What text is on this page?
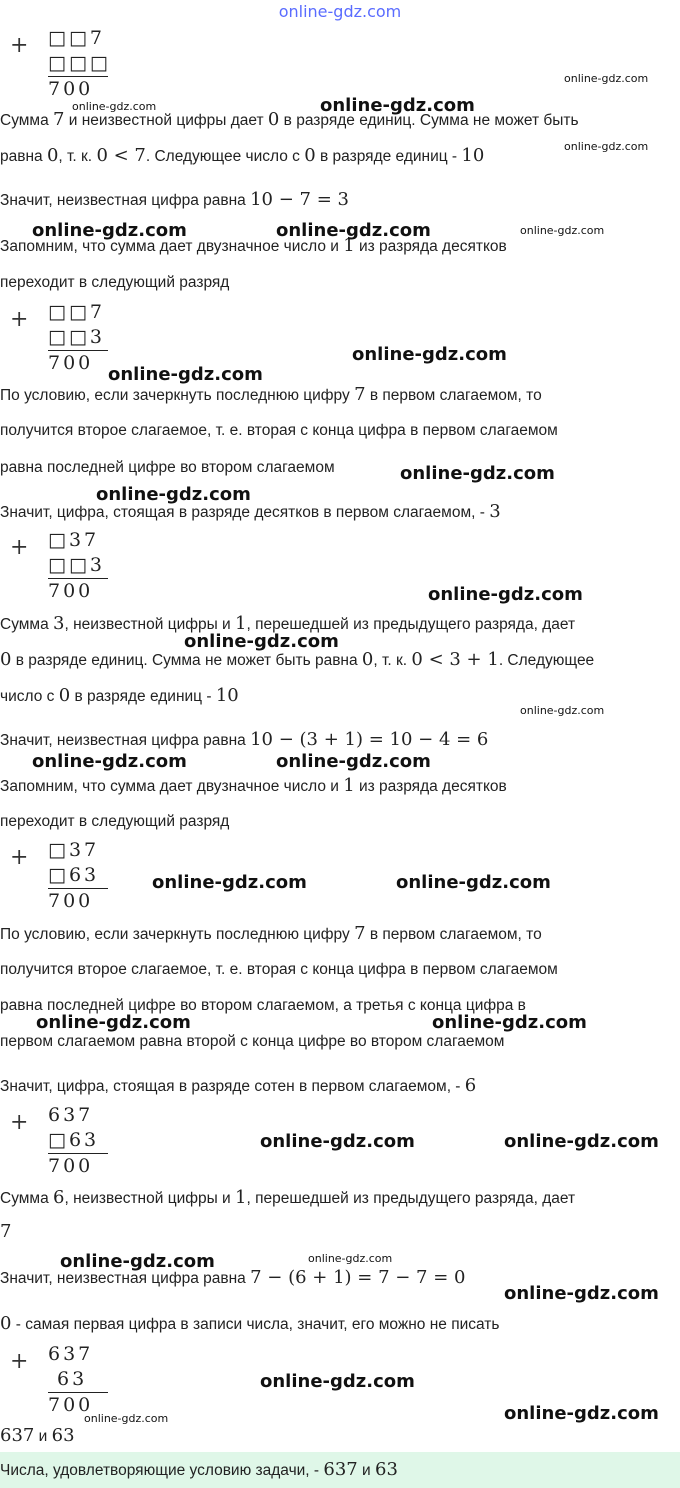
online-gdz.com
+ □□7
□□□
700
Сумма 7 и неизвестной цифры дает 0 в разряде единиц. Сумма не может быть
равна 0, т. к. 0 < 7. Следующее число с 0 в разряде единиц - 10
Значит, неизвестная цифра равна 10 − 7 = 3
Запомним, что сумма дает двузначное число и 1 из разряда десятков
переходит в следующий разряд
+ □□7
□□3
700
По условию, если зачеркнуть последнюю цифру 7 в первом слагаемом, то
получится второе слагаемое, т. е. вторая с конца цифра в первом слагаемом
равна последней цифре во втором слагаемом
Значит, цифра, стоящая в разряде десятков в первом слагаемом, - 3
+ □37
□□3
700
Сумма 3, неизвестной цифры и 1, перешедшей из предыдущего разряда, дает
0 в разряде единиц. Сумма не может быть равна 0, т. к. 0 < 3 + 1. Следующее
число с 0 в разряде единиц - 10
Значит, неизвестная цифра равна 10 − (3 + 1) = 10 − 4 = 6
Запомним, что сумма дает двузначное число и 1 из разряда десятков
переходит в следующий разряд
+ □37
□63
700
По условию, если зачеркнуть последнюю цифру 7 в первом слагаемом, то
получится второе слагаемое, т. е. вторая с конца цифра в первом слагаемом
равна последней цифре во втором слагаемом, а третья с конца цифра в
первом слагаемом равна второй с конца цифре во втором слагаемом
Значит, цифра, стоящая в разряде сотен в первом слагаемом, - 6
+ 637
□63
700
Сумма 6, неизвестной цифры и 1, перешедшей из предыдущего разряда, дает
7
Значит, неизвестная цифра равна 7 − (6 + 1) = 7 − 7 = 0
0 - самая первая цифра в записи числа, значит, его можно не писать
+ 637
63
700
637 и 63
Числа, удовлетворяющие условию задачи, - 637 и 63
online-gdz.com
online-gdz.com	online-gdz.com
online-gdz.com
online-gdz.com	online-gdz.com	online-gdz.com
online-gdz.com
online-gdz.com
online-gdz.com
online-gdz.com
online-gdz.com
online-gdz.com
online-gdz.com
online-gdz.com	online-gdz.com
online-gdz.com	online-gdz.com
online-gdz.com	online-gdz.com
online-gdz.com	online-gdz.com
online-gdz.com	online-gdz.com
online-gdz.com
online-gdz.com
online-gdz.com
online-gdz.com
